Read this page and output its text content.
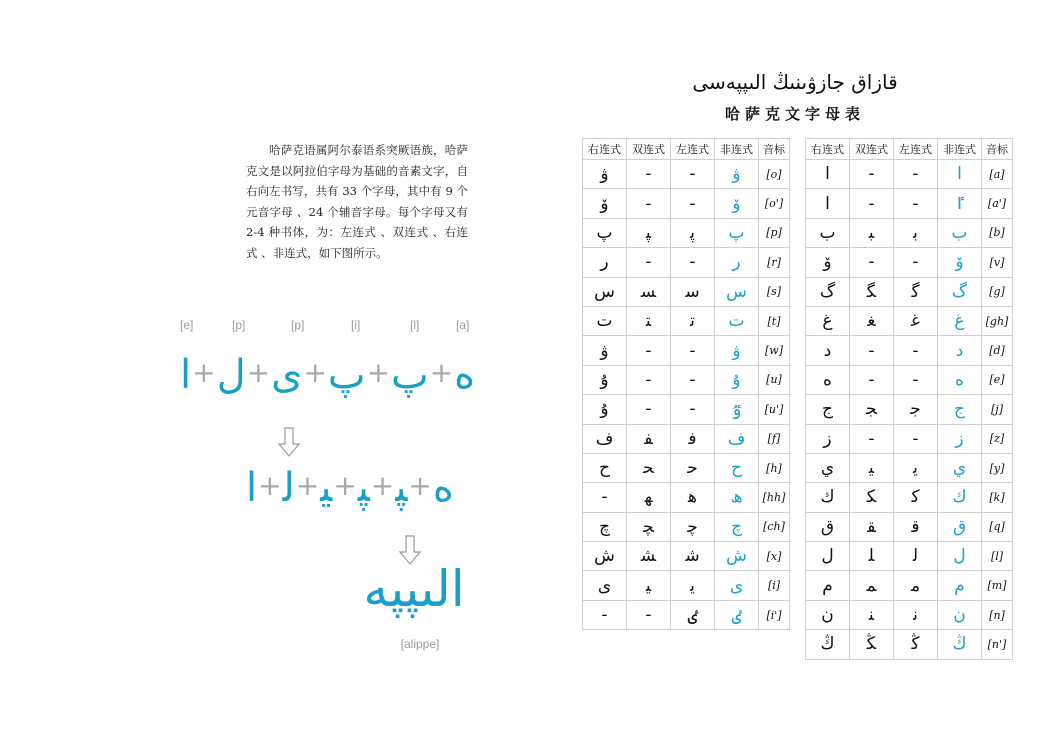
قازاق جازۋىنىڭ الىپپەسى
哈萨克文字母表
哈萨克语属阿尔泰语系突厥语族，哈萨克文是以阿拉伯字母为基础的音素文字，自右向左书写，共有 33 个字母，其中有 9 个元音字母 、24 个辅音字母。每个字母又有 2-4 种书体，为：左连式 、双连式 、右连式 、非连式，如下图所示。
[e]	[p]	[p]	[i]	[l]	[a]
ه+پ+پ+ى+ل+ا
ە+ﭙ+ﭙ+ﻴ+ﻟ+ا
الىپپە
[alippe]
右连式	双连式	左连式	非连式	音标
ۋ	-	-	ۋ	[o]
ۆ	-	-	ۆ	[o']
پ	ﭙ	ﭘ	پ	[p]
ر	-	-	ر	[r]
س	ﺴ	ﺳ	س	[s]
ت	ﺘ	ﺗ	ت	[t]
ۋ	-	-	ۋ	[w]
ۇ	-	-	ۇ	[u]
ۇ	-	-	ٷ	[u']
ف	ﻔ	ﻓ	ف	[f]
ح	ﺤ	ﺣ	ح	[h]
-	ﮭ	ﮬ	ھ	[hh]
چ	ﭽ	ﭼ	چ	[ch]
ش	ﺸ	ﺷ	ش	[x]
ى	ﻴ	ﻳ	ى	[i]
-	-	ٸ	ٸ	[i']
右连式	双连式	左连式	非连式	音标
ا	-	-	ا	[a]
ا	-	-	ٵ	[a']
ب	ﺒ	ﺑ	ب	[b]
ۆ	-	-	ۆ	[v]
گ	ﮕ	ﮔ	گ	[g]
غ	ﻐ	ﻏ	غ	[gh]
د	-	-	د	[d]
ە	-	-	ە	[e]
ج	ﺠ	ﺟ	ج	[j]
ز	-	-	ز	[z]
ي	ﻴ	ﻳ	ي	[y]
ك	ﻜ	ﻛ	ك	[k]
ق	ﻘ	ﻗ	ق	[q]
ل	ﻠ	ﻟ	ل	[l]
م	ﻤ	ﻣ	م	[m]
ن	ﻨ	ﻧ	ن	[n]
ڭ	ﯖ	ﯕ	ڭ	[n']
